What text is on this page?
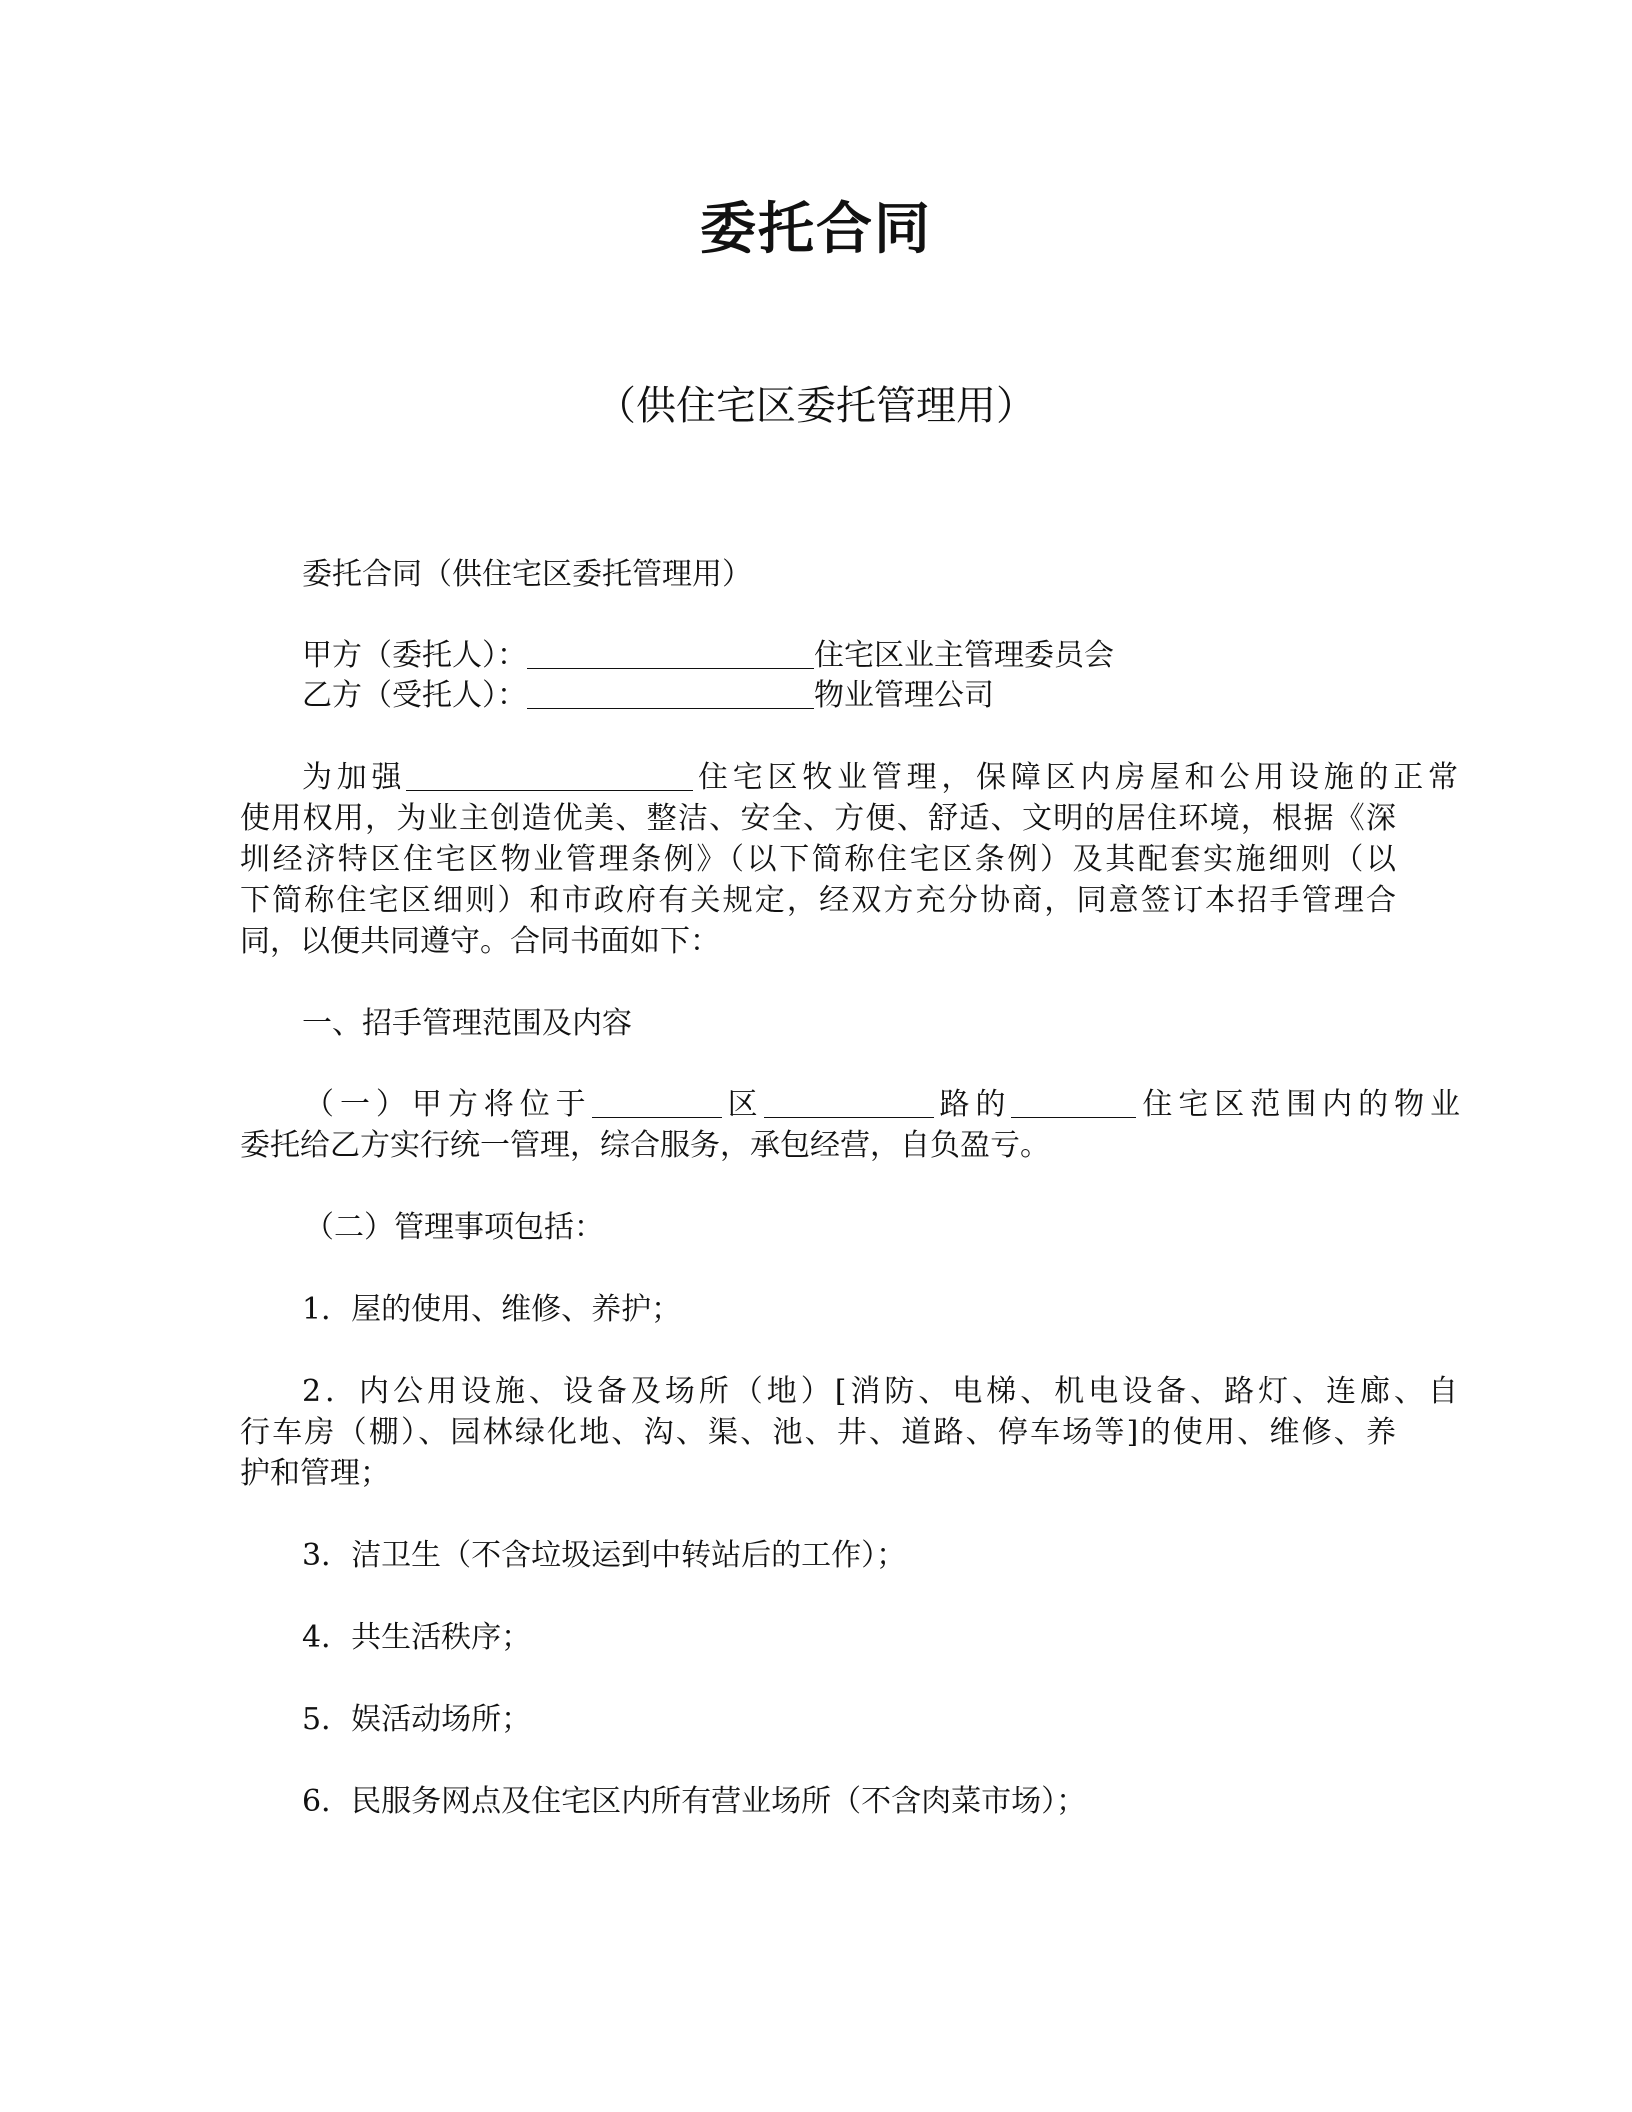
委托合同
（供住宅区委托管理用）
委托合同（供住宅区委托管理用）
甲方（委托人）：	住宅区业主管理委员会
乙方（受托人）：	物业管理公司
为加强	住宅区牧业管理，保障区内房屋和公用设施的正常
使用权用，为业主创造优美、整洁、安全、方便、舒适、文明的居住环境，根据《深
圳经济特区住宅区物业管理条例》（以下简称住宅区条例）及其配套实施细则（以
下简称住宅区细则）和市政府有关规定，经双方充分协商，同意签订本招手管理合
同，以便共同遵守。合同书面如下：
一、招手管理范围及内容
（一）甲方将位于	区	路的	住宅区范围内的物业
委托给乙方实行统一管理，综合服务，承包经营，自负盈亏。
（二）管理事项包括：
1．屋的使用、维修、养护；
2．内公用设施、设备及场所（地）[消防、电梯、机电设备、路灯、连廊、自
行车房（棚）、园林绿化地、沟、渠、池、井、道路、停车场等]的使用、维修、养
护和管理；
3．洁卫生（不含垃圾运到中转站后的工作）；
4．共生活秩序；
5．娱活动场所；
6．民服务网点及住宅区内所有营业场所（不含肉菜市场）；
